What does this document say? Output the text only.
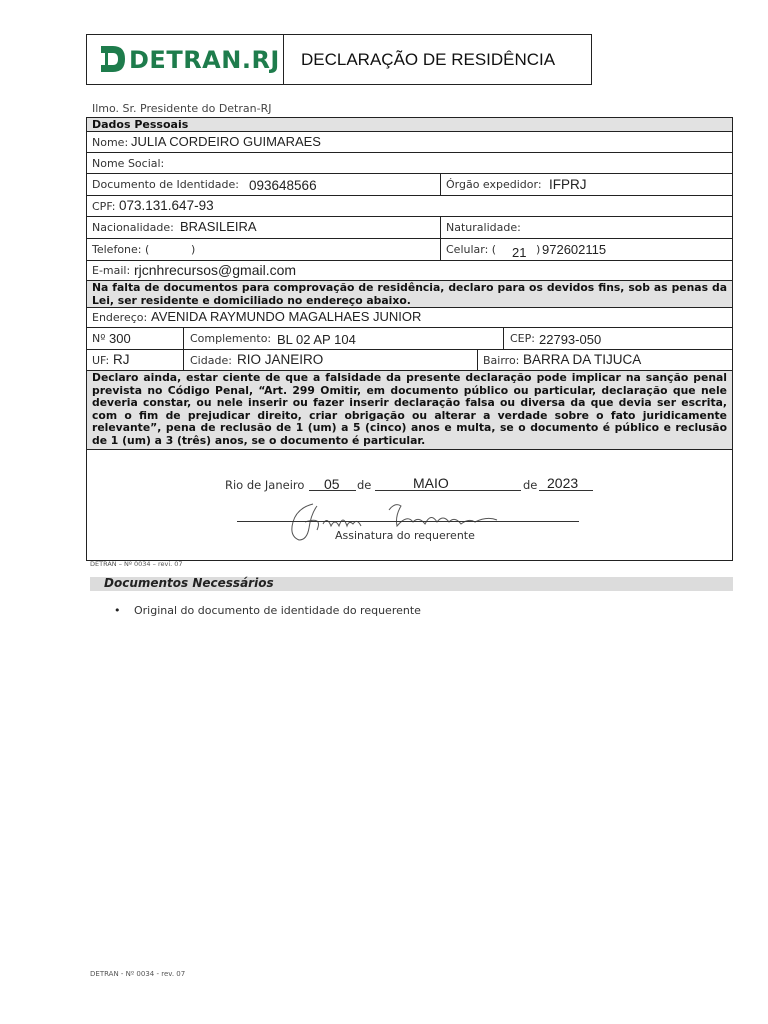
DETRAN.RJ DECLARAÇÃO DE RESIDÊNCIA
Ilmo. Sr. Presidente do Detran-RJ
Dados Pessoais
Nome: JULIA CORDEIRO GUIMARAES
Nome Social:
Documento de Identidade: 093648566	Órgão expedidor: IFPRJ
CPF: 073.131.647-93
Nacionalidade: BRASILEIRA	Naturalidade:
Telefone: (	)	Celular: ( 21 ) 972602115
E-mail: rjcnhrecursos@gmail.com
Na falta de documentos para comprovação de residência, declaro para os devidos fins, sob as penas da Lei, ser residente e domiciliado no endereço abaixo.
Endereço: AVENIDA RAYMUNDO MAGALHAES JUNIOR
Nº 300	Complemento: BL 02 AP 104	CEP: 22793-050
UF: RJ	Cidade: RIO JANEIRO	Bairro: BARRA DA TIJUCA
Declaro ainda, estar ciente de que a falsidade da presente declaração pode implicar na sanção penal prevista no Código Penal, “Art. 299 Omitir, em documento público ou particular, declaração que nele deveria constar, ou nele inserir ou fazer inserir declaração falsa ou diversa da que devia ser escrita, com o fim de prejudicar direito, criar obrigação ou alterar a verdade sobre o fato juridicamente relevante”, pena de reclusão de 1 (um) a 5 (cinco) anos e multa, se o documento é público e reclusão de 1 (um) a 3 (três) anos, se o documento é particular.
Rio de Janeiro 05 de	MAIO	de 2023
Assinatura do requerente
DETRAN – Nº 0034 – revi. 07
Documentos Necessários
• Original do documento de identidade do requerente
DETRAN - Nº 0034 - rev. 07
